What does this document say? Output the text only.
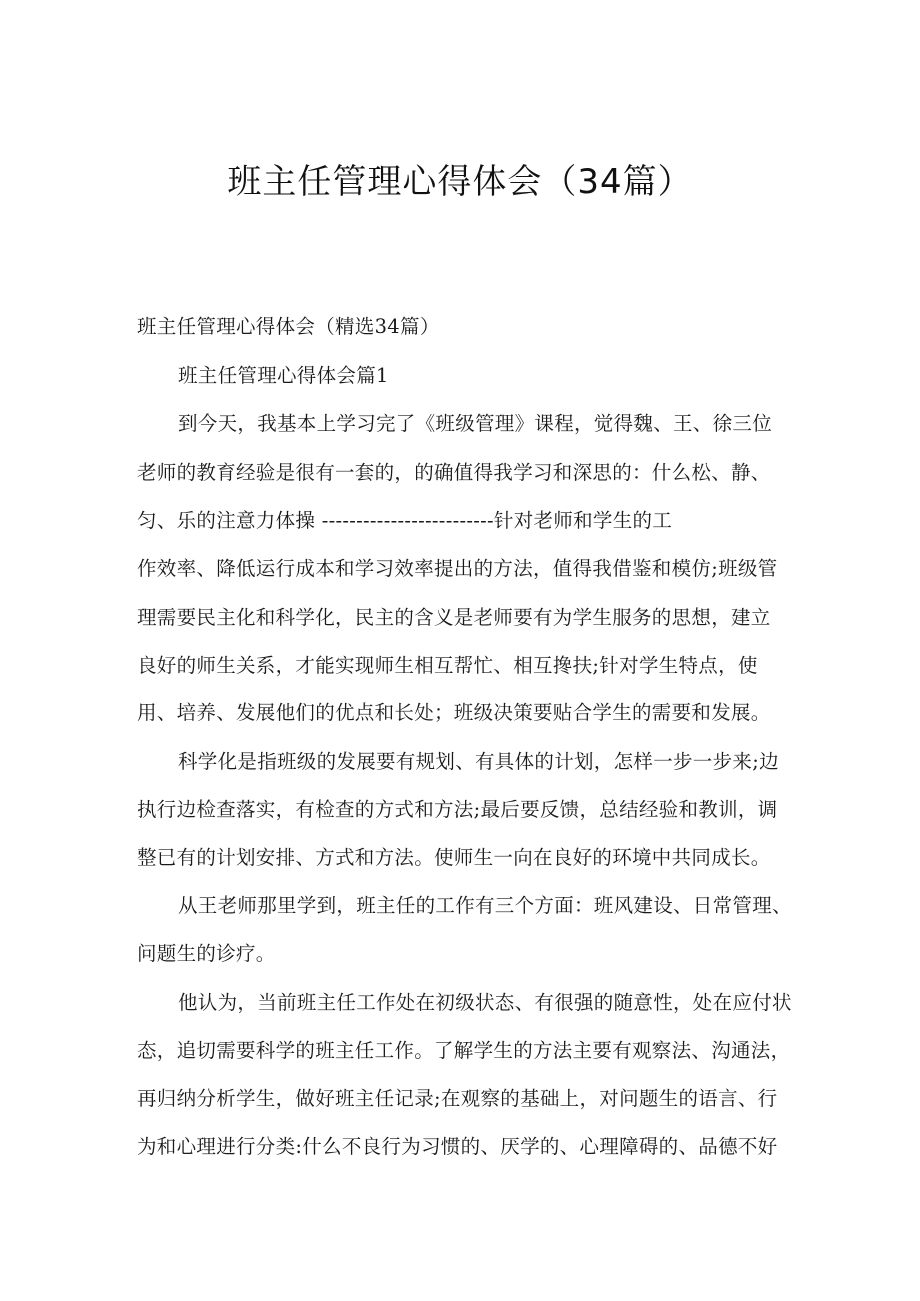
班主任管理心得体会（34篇）
班主任管理心得体会（精选34篇）
班主任管理心得体会篇1
到今天，我基本上学习完了《班级管理》课程，觉得魏、王、徐三位
老师的教育经验是很有一套的，的确值得我学习和深思的：什么松、静、
匀、乐的注意力体操 -------------------------针对老师和学生的工
作效率、降低运行成本和学习效率提出的方法，值得我借鉴和模仿;班级管
理需要民主化和科学化，民主的含义是老师要有为学生服务的思想，建立
良好的师生关系，才能实现师生相互帮忙、相互搀扶;针对学生特点，使
用、培养、发展他们的优点和长处；班级决策要贴合学生的需要和发展。
科学化是指班级的发展要有规划、有具体的计划，怎样一步一步来;边
执行边检查落实，有检查的方式和方法;最后要反馈，总结经验和教训，调
整已有的计划安排、方式和方法。使师生一向在良好的环境中共同成长。
从王老师那里学到，班主任的工作有三个方面：班风建设、日常管理、
问题生的诊疗。
他认为，当前班主任工作处在初级状态、有很强的随意性，处在应付状
态，追切需要科学的班主任工作。了解学生的方法主要有观察法、沟通法，
再归纳分析学生，做好班主任记录;在观察的基础上，对问题生的语言、行
为和心理进行分类:什么不良行为习惯的、厌学的、心理障碍的、品德不好
